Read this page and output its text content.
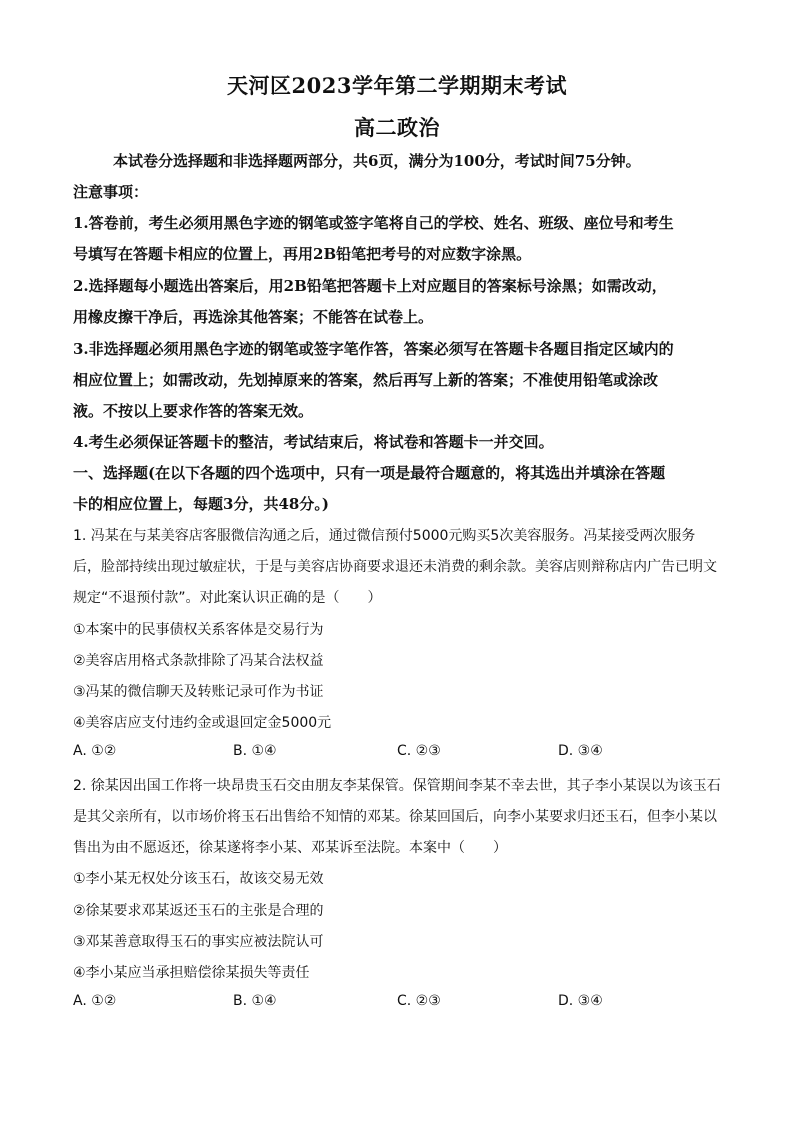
天河区2023学年第二学期期末考试
高二政治
本试卷分选择题和非选择题两部分，共6页，满分为100分，考试时间75分钟。
注意事项：
1.答卷前，考生必须用黑色字迹的钢笔或签字笔将自己的学校、姓名、班级、座位号和考生
号填写在答题卡相应的位置上，再用2B铅笔把考号的对应数字涂黑。
2.选择题每小题选出答案后，用2B铅笔把答题卡上对应题目的答案标号涂黑；如需改动，
用橡皮擦干净后，再选涂其他答案；不能答在试卷上。
3.非选择题必须用黑色字迹的钢笔或签字笔作答，答案必须写在答题卡各题目指定区域内的
相应位置上；如需改动，先划掉原来的答案，然后再写上新的答案；不准使用铅笔或涂改
液。不按以上要求作答的答案无效。
4.考生必须保证答题卡的整洁，考试结束后，将试卷和答题卡一并交回。
一、选择题(在以下各题的四个选项中，只有一项是最符合题意的，将其选出并填涂在答题
卡的相应位置上，每题3分，共48分。)
1. 冯某在与某美容店客服微信沟通之后，通过微信预付5000元购买5次美容服务。冯某接受两次服务
后，脸部持续出现过敏症状，于是与美容店协商要求退还未消费的剩余款。美容店则辩称店内广告已明文
规定“不退预付款”。对此案认识正确的是（　　）
①本案中的民事债权关系客体是交易行为
②美容店用格式条款排除了冯某合法权益
③冯某的微信聊天及转账记录可作为书证
④美容店应支付违约金或退回定金5000元
A. ①②	B. ①④	C. ②③	D. ③④
2. 徐某因出国工作将一块昂贵玉石交由朋友李某保管。保管期间李某不幸去世，其子李小某误以为该玉石
是其父亲所有，以市场价将玉石出售给不知情的邓某。徐某回国后，向李小某要求归还玉石，但李小某以
售出为由不愿返还，徐某遂将李小某、邓某诉至法院。本案中（　　）
①李小某无权处分该玉石，故该交易无效
②徐某要求邓某返还玉石的主张是合理的
③邓某善意取得玉石的事实应被法院认可
④李小某应当承担赔偿徐某损失等责任
A. ①②	B. ①④	C. ②③	D. ③④
